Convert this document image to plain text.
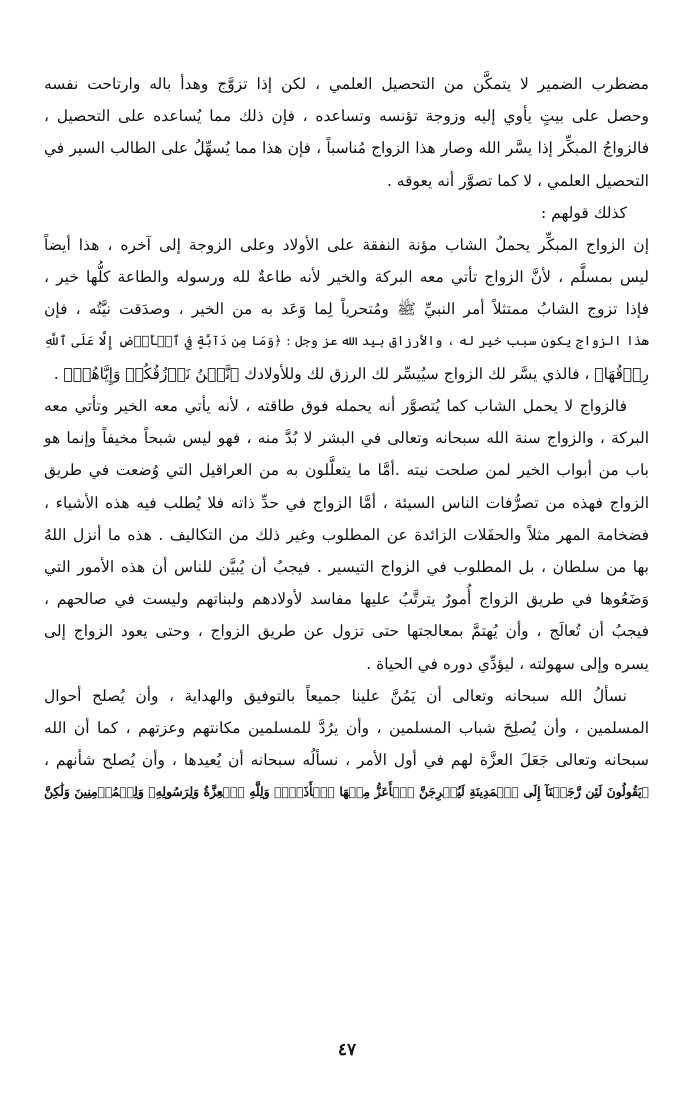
مضطرب الضمير لا يتمكَّن من التحصيل العلمي ، لكن إذا تزوَّج وهدأ باله وارتاحت نفسه
وحصل على بيتٍ يأوي إليه وزوجة تؤنسه وتساعده ، فإن ذلك مما يُساعده على التحصيل ،
فالزواجُ المبكِّر إذا يسَّر الله وصار هذا الزواج مُناسباً ، فإن هذا مما يُسهِّلُ على الطالب السير في
التحصيل العلمي ، لا كما تصوَّر أنه يعوقه .
كذلك قولهم :
إن الزواج المبكِّر يحملُ الشاب مؤنة النفقة على الأولاد وعلى الزوجة إلى آخره ، هذا أيضاً
ليس بمسلَّم ، لأنَّ الزواج تأتي معه البركة والخير لأنه طاعةٌ لله ورسوله والطاعة كلُّها خير ،
فإذا تزوج الشابُ ممتثلاً أمر النبيِّ ﷺ ومُتحرياً لِما وَعَد به من الخير ، وصدَقت نيَّتُه ، فإن
هذا الزواج يكون سبب خير له ، والأرزاق بيد الله عز وجل : ﴿وَمَا مِن دَآبَّةٍ فِي ٱلۡأَرۡضِ إِلَّا عَلَى ٱللَّهِ
رِزۡقُهَا﴾ ، فالذي يسَّر لك الزواج سيُيسِّر لك الرزق لك وللأولادك ﴿نَّحۡنُ نَرۡزُقُكُمۡ وَإِيَّاهُمۡ﴾ .
فالزواج لا يحمل الشاب كما يُتصوَّر أنه يحمله فوق طاقته ، لأنه يأتي معه الخير وتأتي معه
البركة ، والزواج سنة الله سبحانه وتعالى في البشر لا بُدَّ منه ، فهو ليس شبحاً مخيفاً وإنما هو
باب من أبواب الخير لمن صلحت نيته .أمَّا ما يتعلَّلون به من العراقيل التي وُضعت في طريق
الزواج فهذه من تصرُّفات الناس السيئة ، أمَّا الزواج في حدِّ ذاته فلا يُطلب فيه هذه الأشياء ،
فضخامة المهر مثلاً والحفَلات الزائدة عن المطلوب وغير ذلك من التكاليف . هذه ما أنزل اللهُ
بها من سلطان ، بل المطلوب في الزواج التيسير . فيجبُ أن يُبيَّن للناس أن هذه الأمور التي
وَضَعُوها في طريق الزواج أُمورٌ يترتَّبُ عليها مفاسد لأولادهم ولبناتهم وليست في صالحهم ،
فيجبُ أن تُعالَج ، وأن يُهتمَّ بمعالجتها حتى تزول عن طريق الزواج ، وحتى يعود الزواج إلى
يسره وإلى سهولته ، ليؤدِّي دوره في الحياة .
نسألُ الله سبحانه وتعالى أن يَمُنَّ علينا جميعاً بالتوفيق والهداية ، وأن يُصلح أحوال
المسلمين ، وأن يُصلِحَ شباب المسلمين ، وأن يرُدَّ للمسلمين مكانتهم وعزتهم ، كما أن الله
سبحانه وتعالى جَعَلَ العزَّة لهم في أول الأمر ، نسألُه سبحانه أن يُعيدها ، وأن يُصلح شأنهم ،
﴿يَقُولُونَ لَئِن رَّجَعۡنَآ إِلَى ٱلۡمَدِينَةِ لَيُخۡرِجَنَّ ٱلۡأَعَزُّ مِنۡهَا ٱلۡأَذَلَّۚ وَلِلَّهِ ٱلۡعِزَّةُ وَلِرَسُولِهِۦ وَلِلۡمُؤۡمِنِينَ وَلَٰكِنَّ
٤٧
